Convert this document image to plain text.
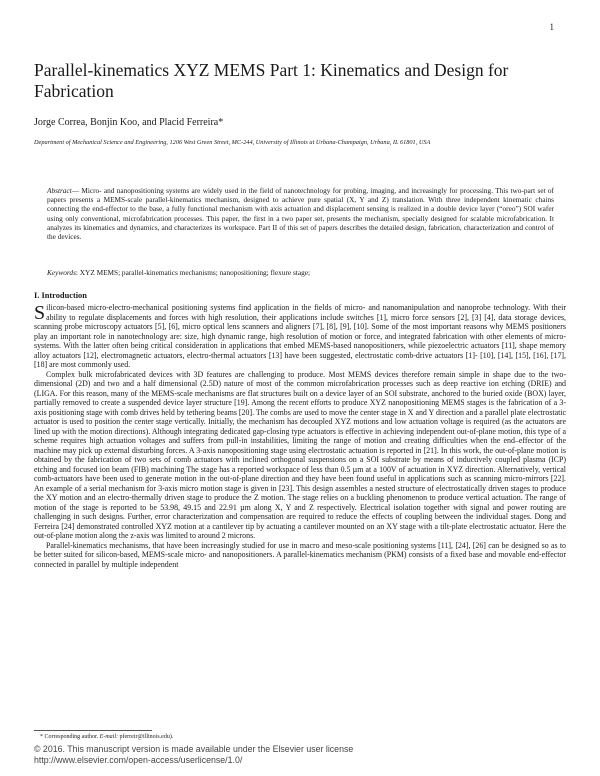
1
Parallel-kinematics XYZ MEMS Part 1: Kinematics and Design for Fabrication
Jorge Correa, Bonjin Koo, and Placid Ferreira*
Department of Mechanical Science and Engineering, 1206 West Green Street, MC-244, University of Illinois at Urbana-Champaign, Urbana, IL 61801, USA
Abstract— Micro- and nanopositioning systems are widely used in the field of nanotechnology for probing, imaging, and increasingly for processing. This two-part set of papers presents a MEMS-scale parallel-kinematics mechanism, designed to achieve pure spatial (X, Y and Z) translation. With three independent kinematic chains connecting the end-effector to the base, a fully functional mechanism with axis actuation and displacement sensing is realized in a double device layer (“oreo”) SOI wafer using only conventional, microfabrication processes. This paper, the first in a two paper set, presents the mechanism, specially designed for scalable microfabrication. It analyzes its kinematics and dynamics, and characterizes its workspace. Part II of this set of papers describes the detailed design, fabrication, characterization and control of the devices.
Keywords: XYZ MEMS; parallel-kinematics mechanisms; nanopositioning; flexure stage;
I. Introduction

Silicon-based micro-electro-mechanical positioning systems find application in the fields of micro- and nanomanipulation and nanoprobe technology. With their ability to regulate displacements and forces with high resolution, their applications include switches [1], micro force sensors [2], [3] [4], data storage devices, scanning probe microscopy actuators [5], [6], micro optical lens scanners and aligners [7], [8], [9], [10]. Some of the most important reasons why MEMS positioners play an important role in nanotechnology are: size, high dynamic range, high resolution of motion or force, and integrated fabrication with other elements of micro-systems. With the latter often being critical consideration in applications that embed MEMS-based nanopositioners, while piezoelectric actuators [11], shape memory alloy actuators [12], electromagnetic actuators, electro-thermal actuators [13] have been suggested, electrostatic comb-drive actuators [1]- [10], [14], [15], [16], [17], [18] are most commonly used.

Complex bulk microfabricated devices with 3D features are challenging to produce. Most MEMS devices therefore remain simple in shape due to the two-dimensional (2D) and two and a half dimensional (2.5D) nature of most of the common microfabrication processes such as deep reactive ion etching (DRIE) and (LIGA. For this reason, many of the MEMS-scale mechanisms are flat structures built on a device layer of an SOI substrate, anchored to the buried oxide (BOX) layer, partially removed to create a suspended device layer structure [19]. Among the recent efforts to produce XYZ nanopositioning MEMS stages is the fabrication of a 3-axis positioning stage with comb drives held by tethering beams [20]. The combs are used to move the center stage in X and Y direction and a parallel plate electrostatic actuator is used to position the center stage vertically. Initially, the mechanism has decoupled XYZ motions and low actuation voltage is required (as the actuators are lined up with the motion directions). Although integrating dedicated gap-closing type actuators is effective in achieving independent out-of-plane motion, this type of a scheme requires high actuation voltages and suffers from pull-in instabilities, limiting the range of motion and creating difficulties when the end–effector of the machine may pick up external disturbing forces. A 3-axis nanopositioning stage using electrostatic actuation is reported in [21]. In this work, the out-of-plane motion is obtained by the fabrication of two sets of comb actuators with inclined orthogonal suspensions on a SOI substrate by means of inductively coupled plasma (ICP) etching and focused ion beam (FIB) machining The stage has a reported workspace of less than 0.5 µm at a 100V of actuation in XYZ direction. Alternatively, vertical comb-actuators have been used to generate motion in the out-of-plane direction and they have been found useful in applications such as scanning micro-mirrors [22]. An example of a serial mechanism for 3-axis micro motion stage is given in [23]. This design assembles a nested structure of electrostatically driven stages to produce the XY motion and an electro-thermally driven stage to produce the Z motion. The stage relies on a buckling phenomenon to produce vertical actuation. The range of motion of the stage is reported to be 53.98, 49.15 and 22.91 µm along X, Y and Z respectively. Electrical isolation together with signal and power routing are challenging in such designs. Further, error characterization and compensation are required to reduce the effects of coupling between the individual stages. Dong and Ferreira [24] demonstrated controlled XYZ motion at a cantilever tip by actuating a cantilever mounted on an XY stage with a tilt-plate electrostatic actuator. Here the out-of-plane motion along the z-axis was limited to around 2 microns.

Parallel-kinematics mechanisms, that have been increasingly studied for use in macro and meso-scale positioning systems [11], [24], [26] can be designed so as to be better suited for silicon-based, MEMS-scale micro- and nanopositioners. A parallel-kinematics mechanism (PKM) consists of a fixed base and movable end-effector connected in parallel by multiple independent

* Corresponding author. E-mail: pferreir@illinois.edu).
© 2016. This manuscript version is made available under the Elsevier user license
http://www.elsevier.com/open-access/userlicense/1.0/
